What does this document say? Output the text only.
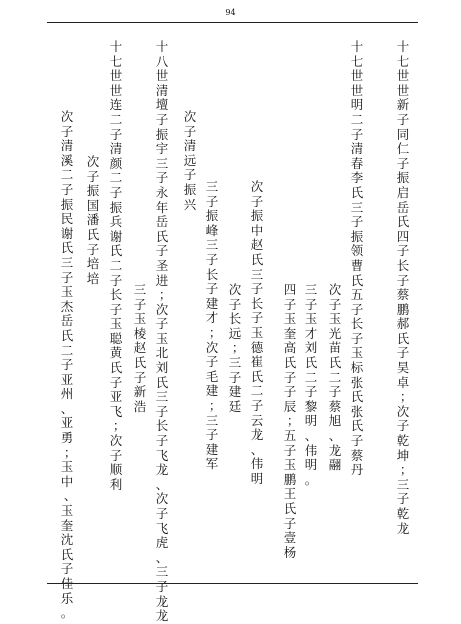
94
十七世　世新子同仁子振启岳氏四子长子蔡鹏郝氏子昊卓；　次子乾坤；　三子乾龙
十七世　世明二子清春李氏三子振领曹氏五子长子玉标张氏张氏子蔡丹
次子玉光苗氏二子蔡旭、龙翮
三子玉才刘氏二子黎明、伟明。
四子玉奎高氏子子辰；　五子玉鹏王氏子壹杨
次子振中赵氏三子长子玉德崔氏二子云龙、伟明
次子长远；　三子建廷
三子振峰三子长子建才；　次子毛建；　三子建军
次子清远子振兴
十八世　清壇子振宇三子永年岳氏子圣进；　次子玉北刘氏三子长子飞龙、次子飞虎、三子龙龙
三子玉棱赵氏子新浩
十七世　世连二子清颜二子振兵谢氏二子长子玉聪黄氏子亚飞；　次子顺利
次子振国潘氏子培培
次子清溪二子振民谢氏三子玉杰岳氏二子亚州、亚勇；　玉中、　玉奎沈氏子佳乐。
